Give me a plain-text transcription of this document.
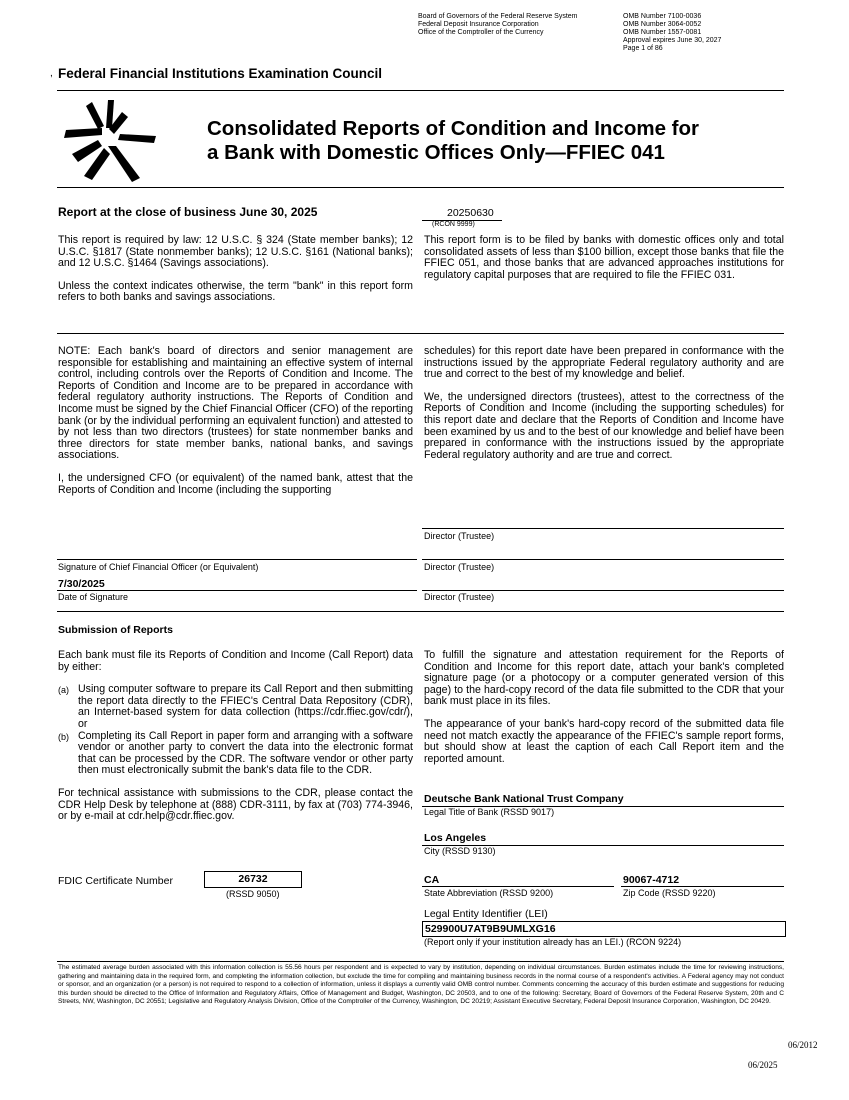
Board of Governors of the Federal Reserve System
Federal Deposit Insurance Corporation
Office of the Comptroller of the Currency
OMB Number 7100-0036
OMB Number 3064-0052
OMB Number 1557-0081
Approval expires June 30, 2027
Page 1 of 86
, Federal Financial Institutions Examination Council
Consolidated Reports of Condition and Income for
a Bank with Domestic Offices Only—FFIEC 041
Report at the close of business June 30, 2025	20250630
(RCON 9999)

This report is required by law: 12 U.S.C. § 324 (State member banks); 12 U.S.C. §1817 (State nonmember banks); 12 U.S.C. §161 (National banks); and 12 U.S.C. §1464 (Savings associations).

Unless the context indicates otherwise, the term "bank" in this report form refers to both banks and savings associations.

This report form is to be filed by banks with domestic offices only and total consolidated assets of less than $100 billion, except those banks that file the FFIEC 051, and those banks that are advanced approaches institutions for regulatory capital purposes that are required to file the FFIEC 031.

NOTE: Each bank's board of directors and senior management are responsible for establishing and maintaining an effective system of internal control, including controls over the Reports of Condition and Income. The Reports of Condition and Income are to be prepared in accordance with federal regulatory authority instructions. The Reports of Condition and Income must be signed by the Chief Financial Officer (CFO) of the reporting bank (or by the individual performing an equivalent function) and attested to by not less than two directors (trustees) for state nonmember banks and three directors for state member banks, national banks, and savings associations.

I, the undersigned CFO (or equivalent) of the named bank, attest that the Reports of Condition and Income (including the supporting

schedules) for this report date have been prepared in conformance with the instructions issued by the appropriate Federal regulatory authority and are true and correct to the best of my knowledge and belief.

We, the undersigned directors (trustees), attest to the correctness of the Reports of Condition and Income (including the supporting schedules) for this report date and declare that the Reports of Condition and Income have been examined by us and to the best of our knowledge and belief have been prepared in conformance with the instructions issued by the appropriate Federal regulatory authority and are true and correct.

Director (Trustee)
Signature of Chief Financial Officer (or Equivalent)	Director (Trustee)
7/30/2025
Date of Signature	Director (Trustee)
Submission of Reports

Each bank must file its Reports of Condition and Income (Call Report) data by either:

(a) Using computer software to prepare its Call Report and then submitting the report data directly to the FFIEC's Central Data Repository (CDR), an Internet-based system for data collection (https://cdr.ffiec.gov/cdr/), or

(b) Completing its Call Report in paper form and arranging with a software vendor or another party to convert the data into the electronic format that can be processed by the CDR. The software vendor or other party then must electronically submit the bank's data file to the CDR.

For technical assistance with submissions to the CDR, please contact the CDR Help Desk by telephone at (888) CDR-3111, by fax at (703) 774-3946, or by e-mail at cdr.help@cdr.ffiec.gov.

To fulfill the signature and attestation requirement for the Reports of Condition and Income for this report date, attach your bank's completed signature page (or a photocopy or a computer generated version of this page) to the hard-copy record of the data file submitted to the CDR that your bank must place in its files.

The appearance of your bank's hard-copy record of the submitted data file need not match exactly the appearance of the FFIEC's sample report forms, but should show at least the caption of each Call Report item and the reported amount.

Deutsche Bank National Trust Company
Legal Title of Bank (RSSD 9017)
Los Angeles
City (RSSD 9130)
FDIC Certificate Number	26732
(RSSD 9050)
CA
State Abbreviation (RSSD 9200)
90067-4712
Zip Code (RSSD 9220)
Legal Entity Identifier (LEI)
529900U7AT9B9UMLXG16
(Report only if your institution already has an LEI.) (RCON 9224)
The estimated average burden associated with this information collection is 55.56 hours per respondent and is expected to vary by institution, depending on individual circumstances. Burden estimates include the time for reviewing instructions, gathering and maintaining data in the required form, and completing the information collection, but exclude the time for compiling and maintaining business records in the normal course of a respondent's activities. A Federal agency may not conduct or sponsor, and an organization (or a person) is not required to respond to a collection of information, unless it displays a currently valid OMB control number. Comments concerning the accuracy of this burden estimate and suggestions for reducing this burden should be directed to the Office of Information and Regulatory Affairs, Office of Management and Budget, Washington, DC 20503, and to one of the following: Secretary, Board of Governors of the Federal Reserve System, 20th and C Streets, NW, Washington, DC 20551; Legislative and Regulatory Analysis Division, Office of the Comptroller of the Currency, Washington, DC 20219; Assistant Executive Secretary, Federal Deposit Insurance Corporation, Washington, DC 20429.
06/2012
06/2025
